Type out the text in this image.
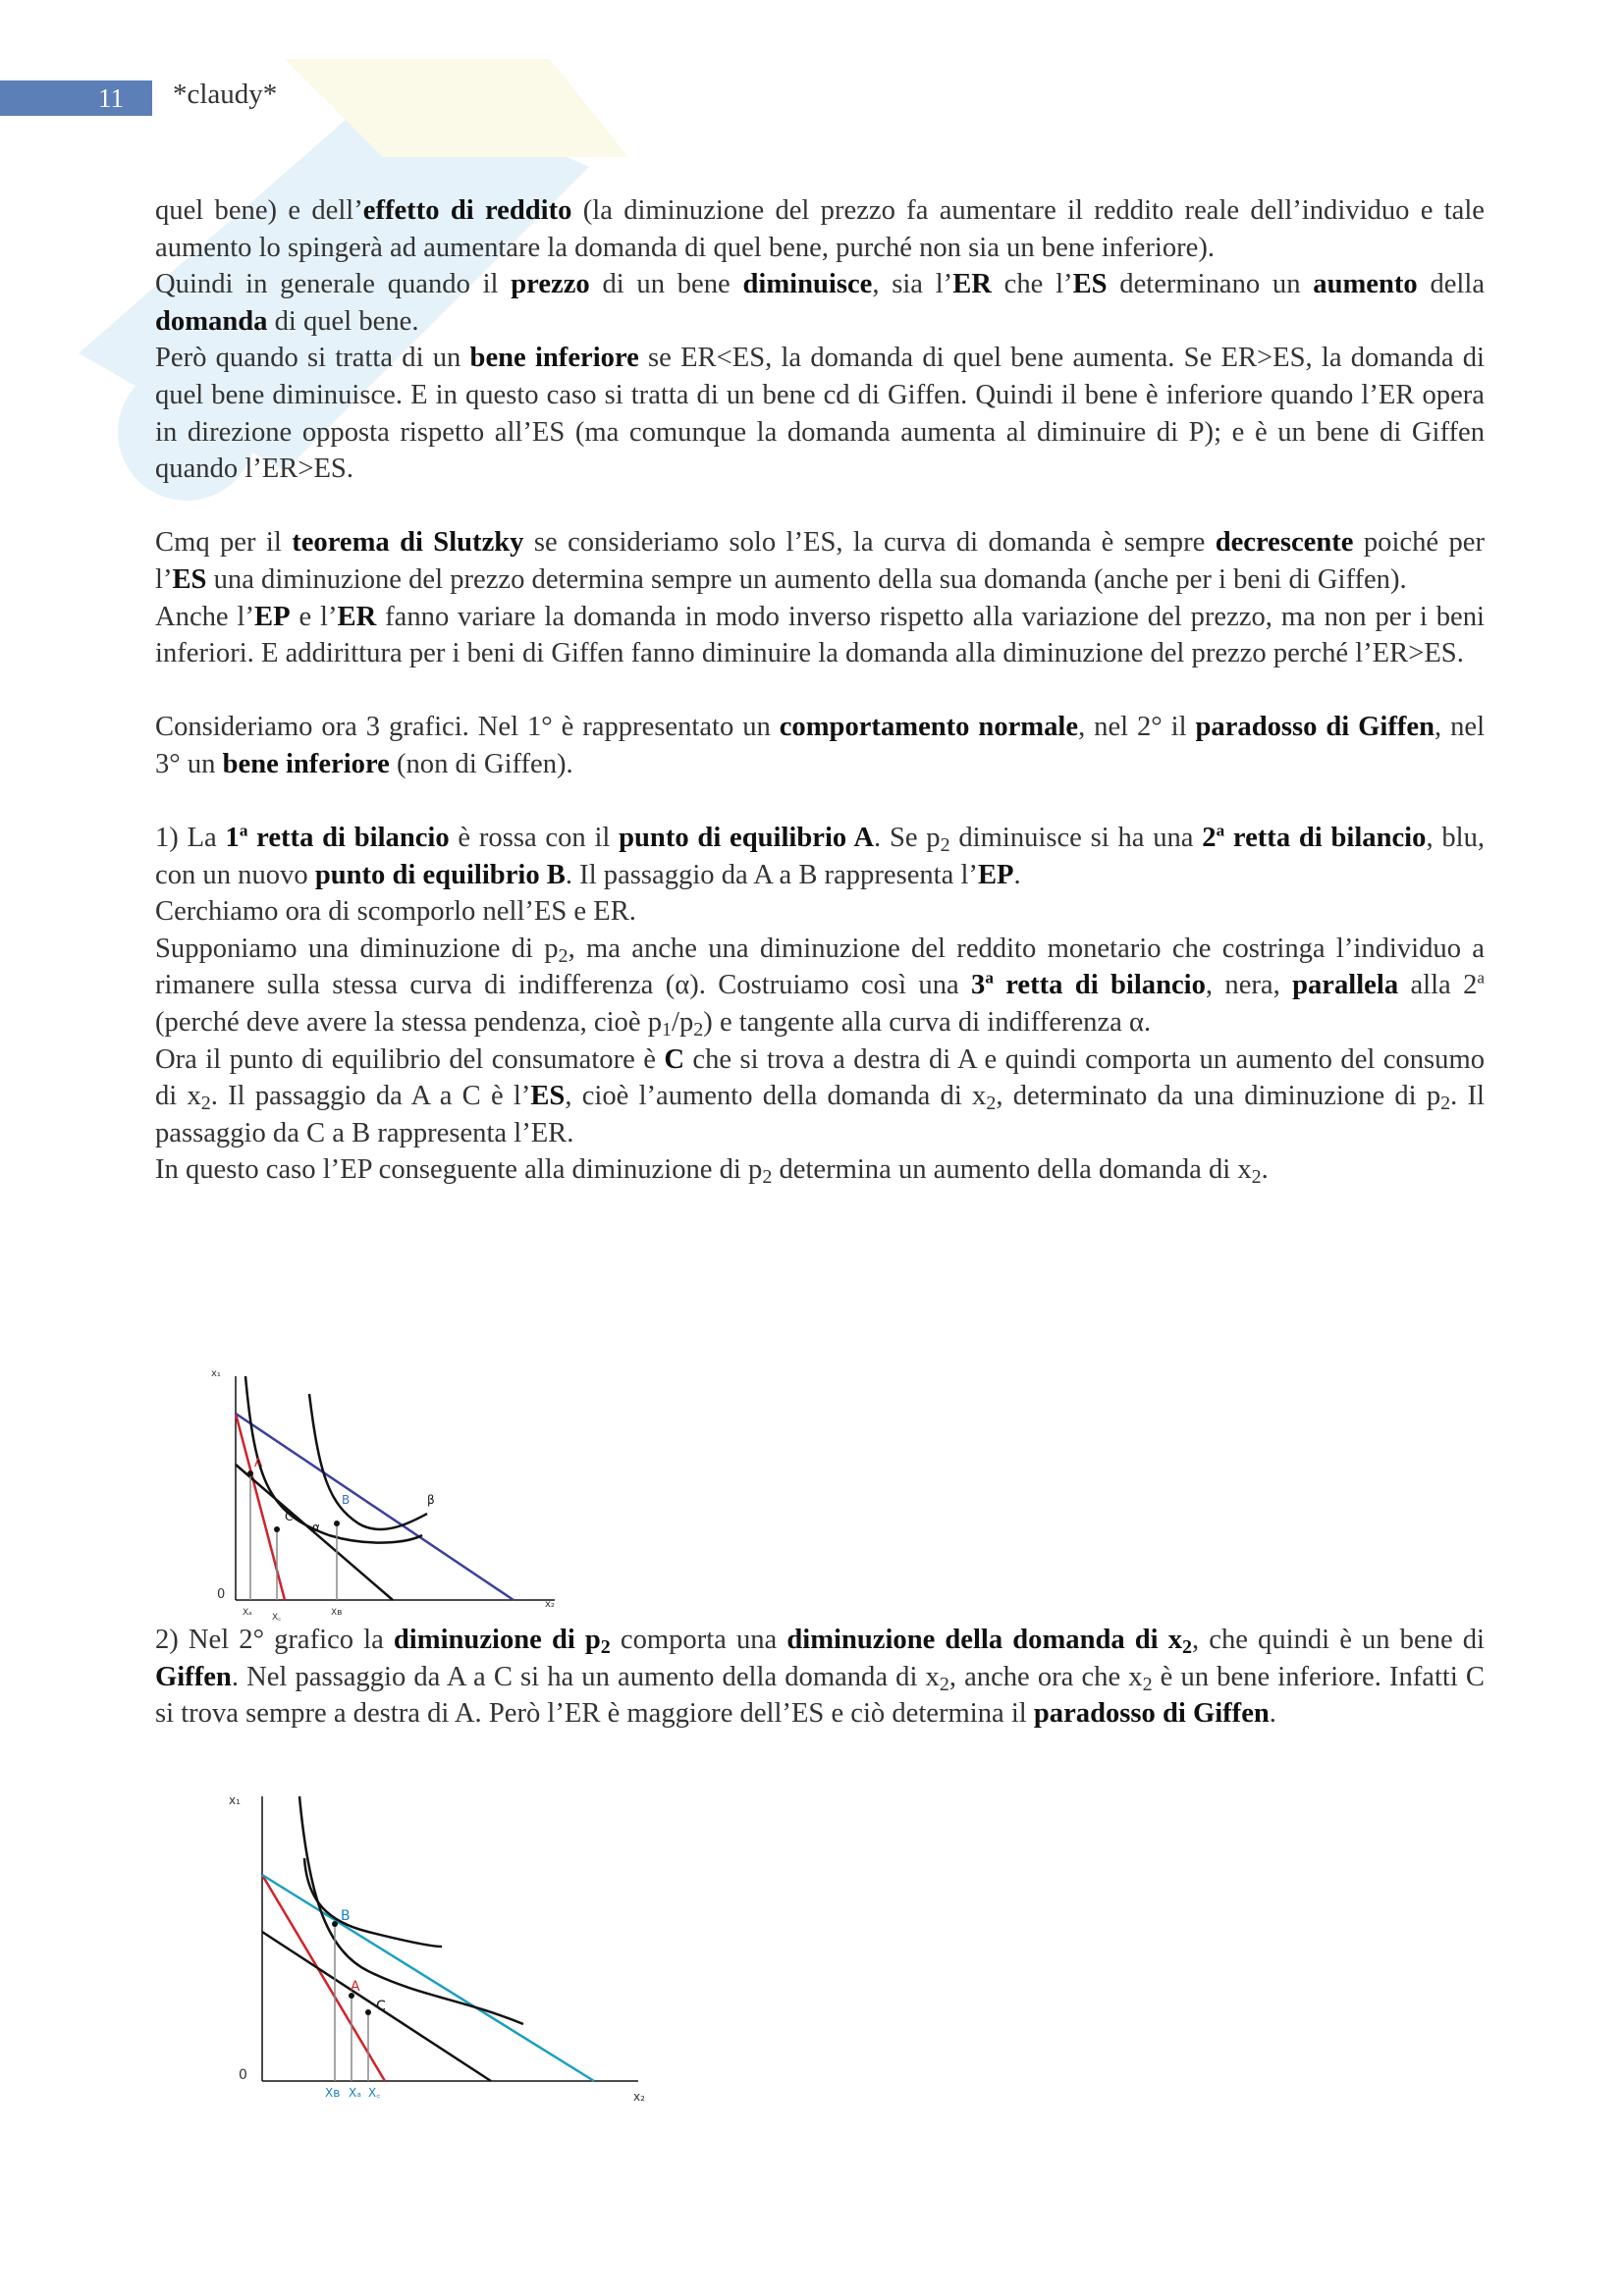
11	*claudy*

quel bene) e dell’effetto di reddito (la diminuzione del prezzo fa aumentare il reddito reale dell’individuo e tale aumento lo spingerà ad aumentare la domanda di quel bene, purché non sia un bene inferiore).

Quindi in generale quando il prezzo di un bene diminuisce, sia l’ER che l’ES determinano un aumento della domanda di quel bene.

Però quando si tratta di un bene inferiore se ER<ES, la domanda di quel bene aumenta. Se ER>ES, la domanda di quel bene diminuisce. E in questo caso si tratta di un bene cd di Giffen. Quindi il bene è inferiore quando l’ER opera in direzione opposta rispetto all’ES (ma comunque la domanda aumenta al diminuire di P); e è un bene di Giffen quando l’ER>ES.

Cmq per il teorema di Slutzky se consideriamo solo l’ES, la curva di domanda è sempre decrescente poiché per l’ES una diminuzione del prezzo determina sempre un aumento della sua domanda (anche per i beni di Giffen).

Anche l’EP e l’ER fanno variare la domanda in modo inverso rispetto alla variazione del prezzo, ma non per i beni inferiori. E addirittura per i beni di Giffen fanno diminuire la domanda alla diminuzione del prezzo perché l’ER>ES.

Consideriamo ora 3 grafici. Nel 1° è rappresentato un comportamento normale, nel 2° il paradosso di Giffen, nel 3° un bene inferiore (non di Giffen).

1) La 1$^a$ retta di bilancio è rossa con il punto di equilibrio A. Se $p_2$ diminuisce si ha una 2$^a$ retta di bilancio, blu, con un nuovo punto di equilibrio B. Il passaggio da A a B rappresenta l’EP.

Cerchiamo ora di scomporlo nell’ES e ER.

Supponiamo una diminuzione di $p_2$, ma anche una diminuzione del reddito monetario che costringa l’individuo a rimanere sulla stessa curva di indifferenza (α). Costruiamo così una 3$^a$ retta di bilancio, nera, parallela alla 2$^a$ (perché deve avere la stessa pendenza, cioè $p_1/p_2$) e tangente alla curva di indifferenza α.

Ora il punto di equilibrio del consumatore è C che si trova a destra di A e quindi comporta un aumento del consumo di $x_2$. Il passaggio da A a C è l’ES, cioè l’aumento della domanda di $x_2$, determinato da una diminuzione di $p_2$. Il passaggio da C a B rappresenta l’ER.

In questo caso l’EP conseguente alla diminuzione di $p_2$ determina un aumento della domanda di $x_2$.

x₁
x₂
0
A
C
B
α
β
Xₐ X꜀	Xʙ

2) Nel 2° grafico la diminuzione di $p_2$ comporta una diminuzione della domanda di $x_2$, che quindi è un bene di Giffen. Nel passaggio da A a C si ha un aumento della domanda di $x_2$, anche ora che $x_2$ è un bene inferiore. Infatti C si trova sempre a destra di A. Però l’ER è maggiore dell’ES e ciò determina il paradosso di Giffen.

x₁
x₂
0
B
A
C
Xʙ Xₐ X꜀
